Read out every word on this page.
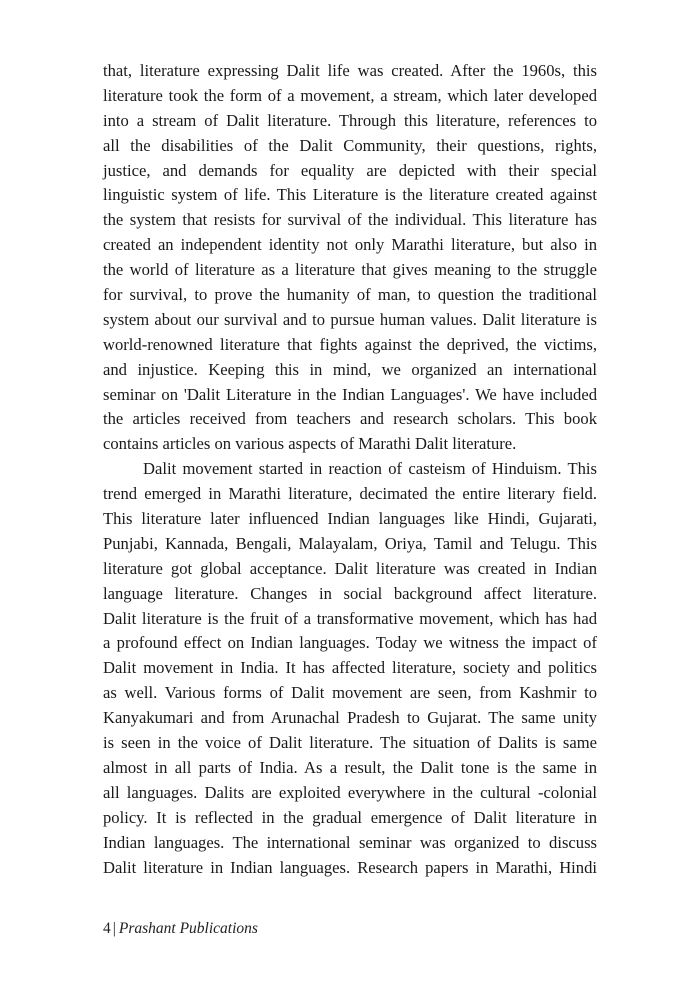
that, literature expressing Dalit life was created. After the 1960s, this
literature took the form of a movement, a stream, which later developed
into a stream of Dalit literature. Through this literature, references to
all the disabilities of the Dalit Community, their questions, rights,
justice, and demands for equality are depicted with their special
linguistic system of life. This Literature is the literature created against
the system that resists for survival of the individual. This literature has
created an independent identity not only Marathi literature, but also in
the world of literature as a literature that gives meaning to the struggle
for survival, to prove the humanity of man, to question the traditional
system about our survival and to pursue human values. Dalit literature is
world-renowned literature that fights against the deprived, the victims,
and injustice. Keeping this in mind, we organized an international
seminar on 'Dalit Literature in the Indian Languages'. We have included
the articles received from teachers and research scholars. This book
contains articles on various aspects of Marathi Dalit literature.
Dalit movement started in reaction of casteism of Hinduism. This
trend emerged in Marathi literature, decimated the entire literary field.
This literature later influenced Indian languages like Hindi, Gujarati,
Punjabi, Kannada, Bengali, Malayalam, Oriya, Tamil and Telugu. This
literature got global acceptance. Dalit literature was created in Indian
language literature. Changes in social background affect literature.
Dalit literature is the fruit of a transformative movement, which has had
a profound effect on Indian languages. Today we witness the impact of
Dalit movement in India. It has affected literature, society and politics
as well. Various forms of Dalit movement are seen, from Kashmir to
Kanyakumari and from Arunachal Pradesh to Gujarat. The same unity
is seen in the voice of Dalit literature. The situation of Dalits is same
almost in all parts of India. As a result, the Dalit tone is the same in
all languages. Dalits are exploited everywhere in the cultural -colonial
policy. It is reflected in the gradual emergence of Dalit literature in
Indian languages. The international seminar was organized to discuss
Dalit literature in Indian languages. Research papers in Marathi, Hindi
4 | Prashant Publications
